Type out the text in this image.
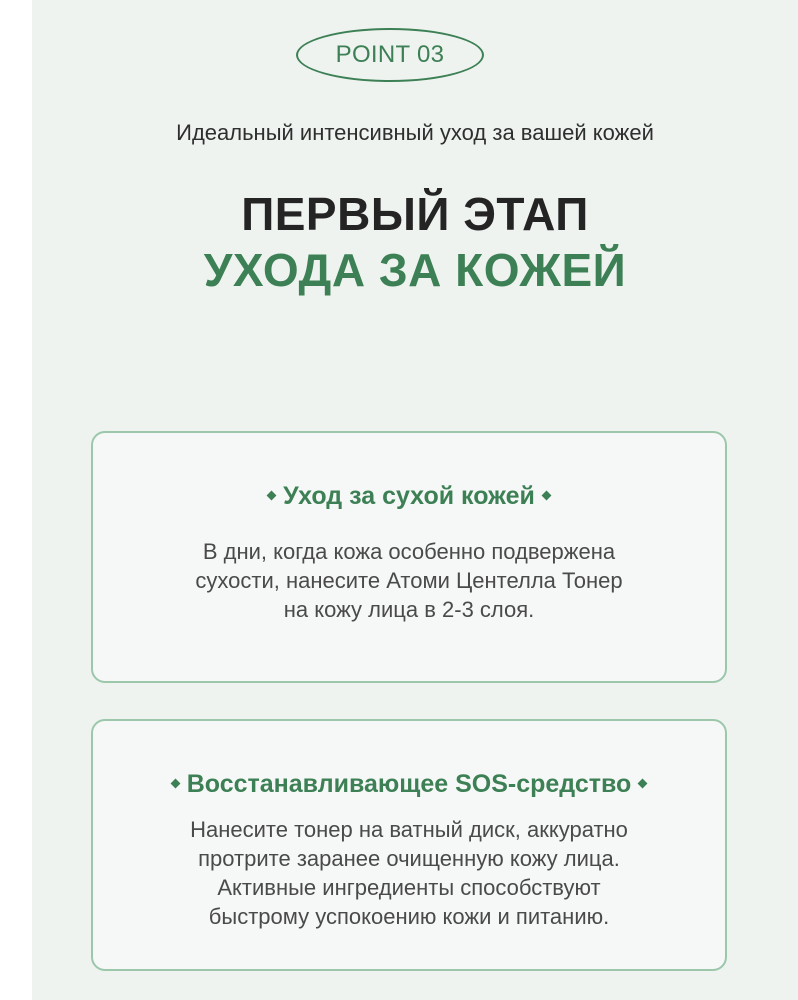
POINT 03
Идеальный интенсивный уход за вашей кожей
ПЕРВЫЙ ЭТАП
УХОДА ЗА КОЖЕЙ
Уход за сухой кожей
В дни, когда кожа особенно подвержена
сухости, нанесите Атоми Центелла Тонер
на кожу лица в 2-3 слоя.
Восстанавливающее SOS-средство
Нанесите тонер на ватный диск, аккуратно
протрите заранее очищенную кожу лица.
Активные ингредиенты способствуют
быстрому успокоению кожи и питанию.
